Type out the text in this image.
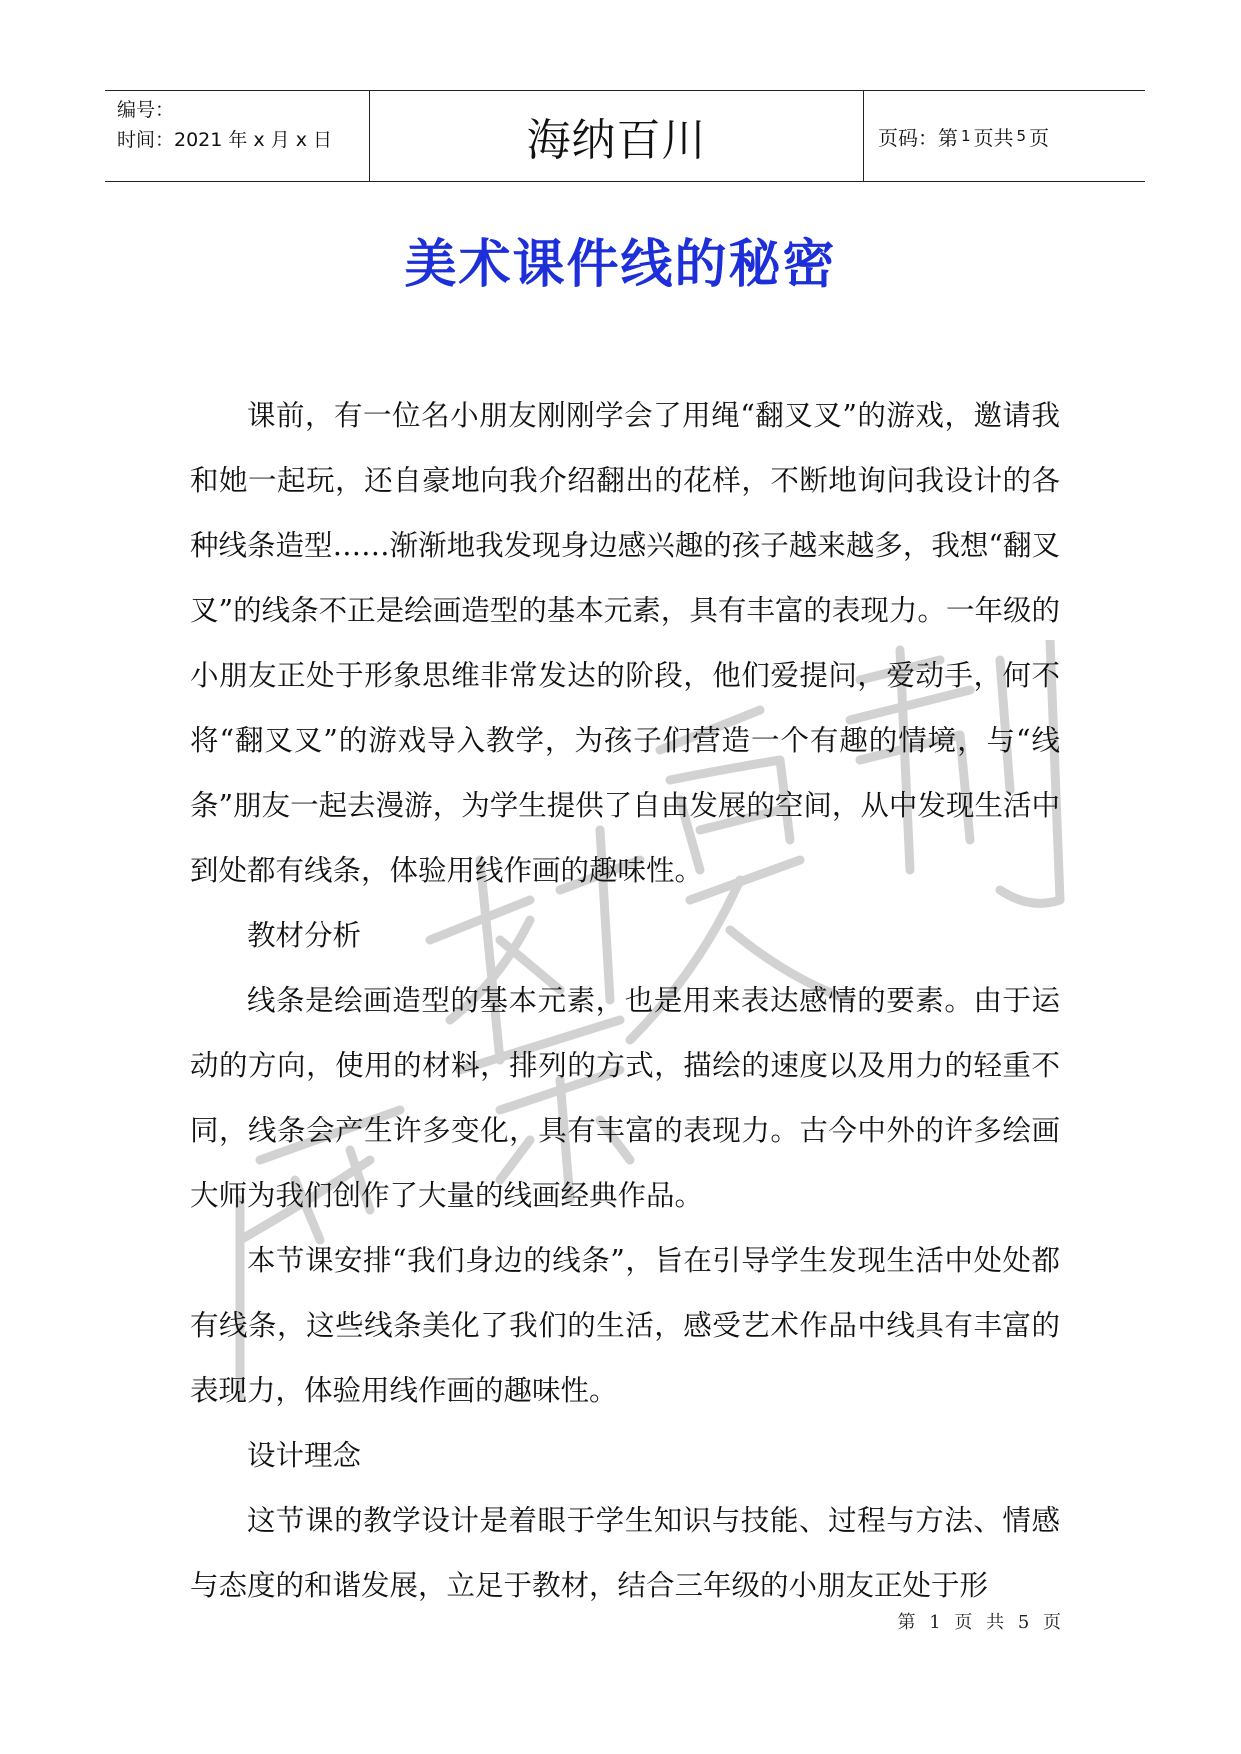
编号：
时间：2021 年 x 月 x 日	海纳百川	页码：第 1 页共 5 页
美术课件线的秘密

课前，有一位名小朋友刚刚学会了用绳“翻叉叉”的游戏，邀请我和她一起玩，还自豪地向我介绍翻出的花样，不断地询问我设计的各种线条造型……渐渐地我发现身边感兴趣的孩子越来越多，我想“翻叉叉”的线条不正是绘画造型的基本元素，具有丰富的表现力。一年级的小朋友正处于形象思维非常发达的阶段，他们爱提问，爱动手，何不将“翻叉叉”的游戏导入教学，为孩子们营造一个有趣的情境，与“线条”朋友一起去漫游，为学生提供了自由发展的空间，从中发现生活中到处都有线条，体验用线作画的趣味性。

教材分析

线条是绘画造型的基本元素，也是用来表达感情的要素。由于运动的方向，使用的材料，排列的方式，描绘的速度以及用力的轻重不同，线条会产生许多变化，具有丰富的表现力。古今中外的许多绘画大师为我们创作了大量的线画经典作品。

本节课安排“我们身边的线条”，旨在引导学生发现生活中处处都有线条，这些线条美化了我们的生活，感受艺术作品中线具有丰富的表现力，体验用线作画的趣味性。

设计理念

这节课的教学设计是着眼于学生知识与技能、过程与方法、情感与态度的和谐发展，立足于教材，结合三年级的小朋友正处于形

第 1 页 共 5 页
